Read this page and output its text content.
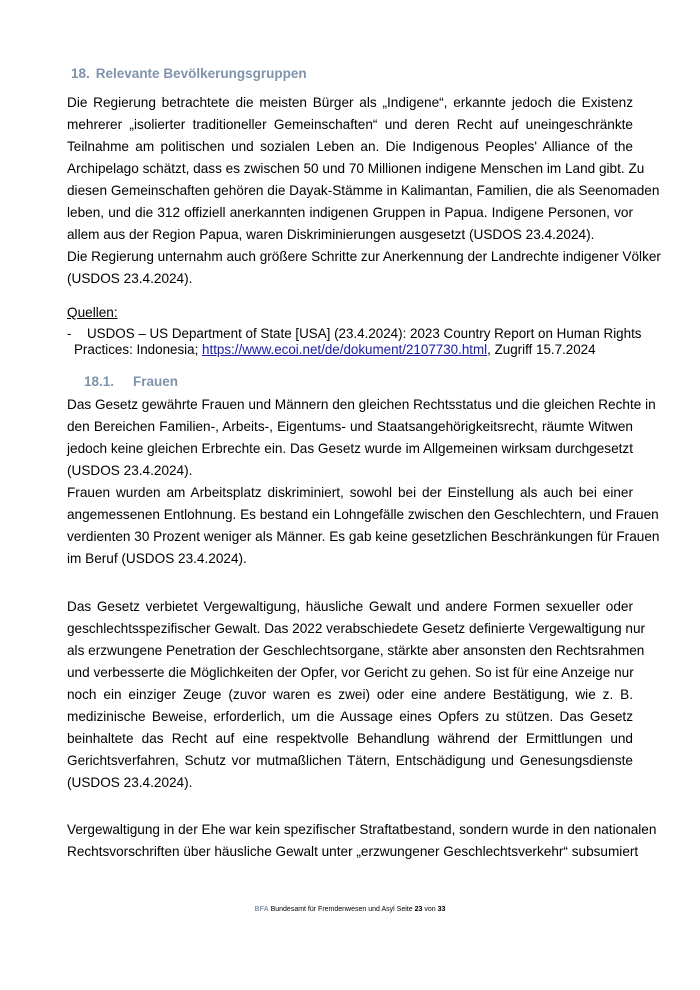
18. Relevante Bevölkerungsgruppen
Die Regierung betrachtete die meisten Bürger als „Indigene“, erkannte jedoch die Existenz
mehrerer „isolierter traditioneller Gemeinschaften“ und deren Recht auf uneingeschränkte
Teilnahme am politischen und sozialen Leben an. Die Indigenous Peoples' Alliance of the
Archipelago schätzt, dass es zwischen 50 und 70 Millionen indigene Menschen im Land gibt. Zu
diesen Gemeinschaften gehören die Dayak-Stämme in Kalimantan, Familien, die als Seenomaden
leben, und die 312 offiziell anerkannten indigenen Gruppen in Papua. Indigene Personen, vor
allem aus der Region Papua, waren Diskriminierungen ausgesetzt (USDOS 23.4.2024).
Die Regierung unternahm auch größere Schritte zur Anerkennung der Landrechte indigener Völker
(USDOS 23.4.2024).
Quellen:
- USDOS – US Department of State [USA] (23.4.2024): 2023 Country Report on Human Rights
Practices: Indonesia; https://www.ecoi.net/de/dokument/2107730.html, Zugriff 15.7.2024
18.1. Frauen
Das Gesetz gewährte Frauen und Männern den gleichen Rechtsstatus und die gleichen Rechte in
den Bereichen Familien-, Arbeits-, Eigentums- und Staatsangehörigkeitsrecht, räumte Witwen
jedoch keine gleichen Erbrechte ein. Das Gesetz wurde im Allgemeinen wirksam durchgesetzt
(USDOS 23.4.2024).
Frauen wurden am Arbeitsplatz diskriminiert, sowohl bei der Einstellung als auch bei einer
angemessenen Entlohnung. Es bestand ein Lohngefälle zwischen den Geschlechtern, und Frauen
verdienten 30 Prozent weniger als Männer. Es gab keine gesetzlichen Beschränkungen für Frauen
im Beruf (USDOS 23.4.2024).
Das Gesetz verbietet Vergewaltigung, häusliche Gewalt und andere Formen sexueller oder
geschlechtsspezifischer Gewalt. Das 2022 verabschiedete Gesetz definierte Vergewaltigung nur
als erzwungene Penetration der Geschlechtsorgane, stärkte aber ansonsten den Rechtsrahmen
und verbesserte die Möglichkeiten der Opfer, vor Gericht zu gehen. So ist für eine Anzeige nur
noch ein einziger Zeuge (zuvor waren es zwei) oder eine andere Bestätigung, wie z. B.
medizinische Beweise, erforderlich, um die Aussage eines Opfers zu stützen. Das Gesetz
beinhaltete das Recht auf eine respektvolle Behandlung während der Ermittlungen und
Gerichtsverfahren, Schutz vor mutmaßlichen Tätern, Entschädigung und Genesungsdienste
(USDOS 23.4.2024).
Vergewaltigung in der Ehe war kein spezifischer Straftatbestand, sondern wurde in den nationalen
Rechtsvorschriften über häusliche Gewalt unter „erzwungener Geschlechtsverkehr“ subsumiert
BFA Bundesamt für Fremdenwesen und Asyl Seite 23 von 33
